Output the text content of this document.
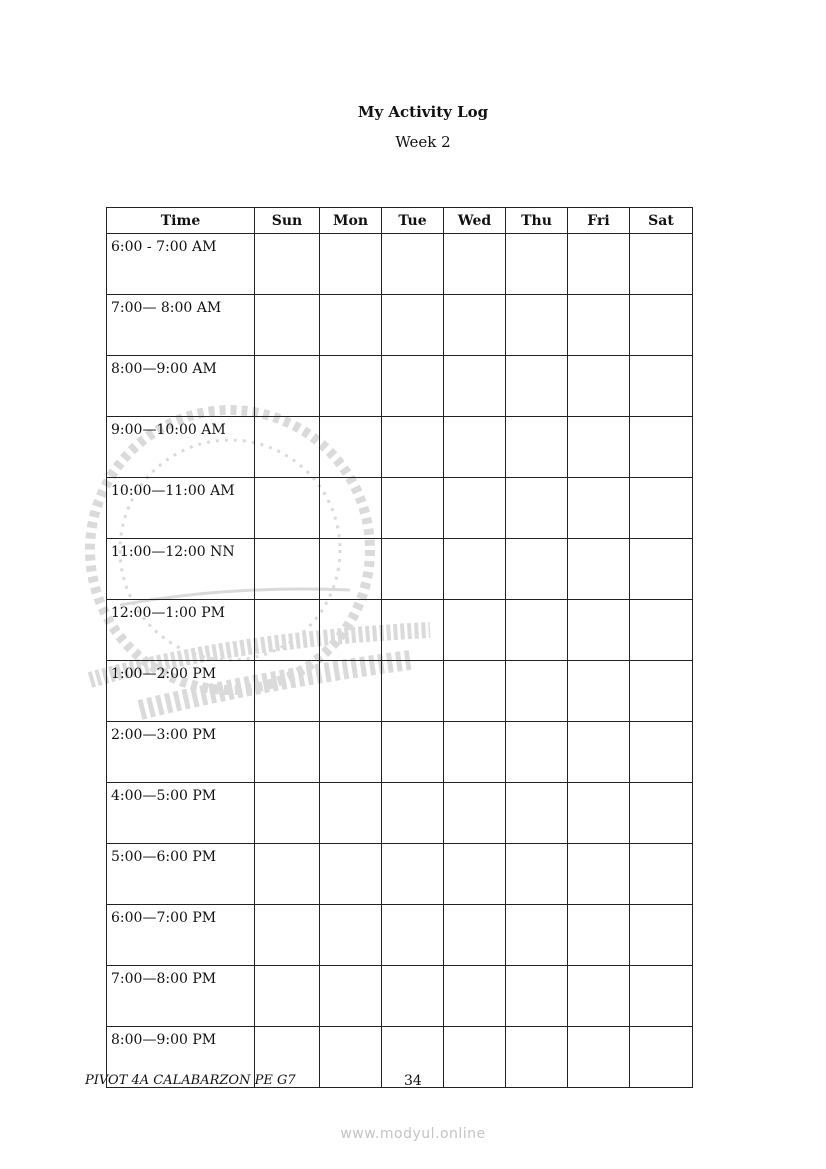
My Activity Log
Week 2
Time	Sun	Mon	Tue	Wed	Thu	Fri	Sat
6:00 - 7:00 AM							
7:00— 8:00 AM							
8:00—9:00 AM							
9:00—10:00 AM							
10:00—11:00 AM							
11:00—12:00 NN							
12:00—1:00 PM							
1:00—2:00 PM							
2:00—3:00 PM							
4:00—5:00 PM							
5:00—6:00 PM							
6:00—7:00 PM							
7:00—8:00 PM							
8:00—9:00 PM							
PIVOT 4A CALABARZON PE G7	34
www.modyul.online
